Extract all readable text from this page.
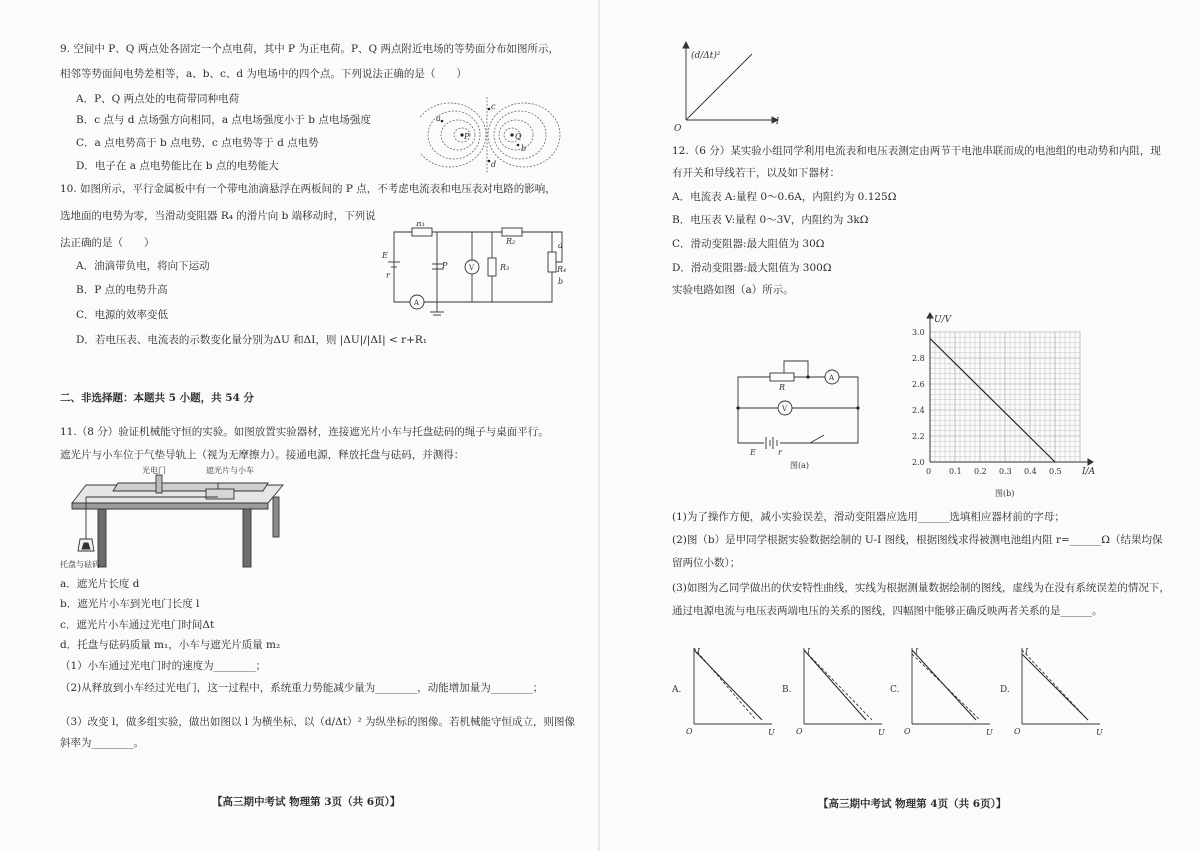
9. 空间中 P、Q 两点处各固定一个点电荷，其中 P 为正电荷。P、Q 两点附近电场的等势面分布如图所示，
相邻等势面间电势差相等，a、b、c、d 为电场中的四个点。下列说法正确的是（　　）
A．P、Q 两点处的电荷带同种电荷
B．c 点与 d 点场强方向相同，a 点电场强度小于 b 点电场强度
C．a 点电势高于 b 点电势，c 点电势等于 d 点电势
D．电子在 a 点电势能比在 b 点的电势能大
P	Q
a
b
c
d
10. 如图所示，平行金属板中有一个带电油滴悬浮在两板间的 P 点，不考虑电流表和电压表对电路的影响，
选地面的电势为零，当滑动变阻器 R₄ 的滑片向 b 端移动时，下列说
法正确的是（　　）
A．油滴带负电，将向下运动
B．P 点的电势升高
C．电源的效率变低
D．若电压表、电流表的示数变化量分别为ΔU 和ΔI，则 |ΔU|/|ΔI| < r+R₁
R₁
R₂
R₃	R₄
E
r
P	V
A
a
b
二、非选择题：本题共 5 小题，共 54 分
11.（8 分）验证机械能守恒的实验。如图放置实验器材，连接遮光片小车与托盘砝码的绳子与桌面平行。
遮光片与小车位于气垫导轨上（视为无摩擦力）。接通电源，释放托盘与砝码，并测得：
光电门	遮光片与小车
托盘与砝码
a．遮光片长度 d
b．遮光片小车到光电门长度 l
c．遮光片小车通过光电门时间Δt
d．托盘与砝码质量 m₁，小车与遮光片质量 m₂
（1）小车通过光电门时的速度为________；
（2)从释放到小车经过光电门，这一过程中，系统重力势能减少量为________，动能增加量为________；
（3）改变 l，做多组实验，做出如图以 l 为横坐标，以（d/Δt）² 为纵坐标的图像。若机械能守恒成立，则图像
斜率为________。
【高三期中考试 物理第 3页（共 6页）】
(d/Δt)²
l
O
12.（6 分）某实验小组同学利用电流表和电压表测定由两节干电池串联而成的电池组的电动势和内阻，现
有开关和导线若干，以及如下器材：
A．电流表 A:量程 0～0.6A，内阻约为 0.125Ω
B．电压表 V:量程 0～3V，内阻约为 3kΩ
C．滑动变阻器:最大阻值为 30Ω
D．滑动变阻器:最大阻值为 300Ω
实验电路如图（a）所示。
R
A
V
E	r
图(a)	2.0
2.2
2.4
2.6
2.8
3.0
0 0.1 0.2 0.3 0.4 0.5
U/V
I/A
图(b)
(1)为了操作方便，减小实验误差，滑动变阻器应选用______选填相应器材前的字母；
(2)图（b）是甲同学根据实验数据绘制的 U-I 图线，根据图线求得被测电池组内阻 r=______Ω（结果均保
留两位小数）；
(3)如图为乙同学做出的伏安特性曲线，实线为根据测量数据绘制的图线，虚线为在没有系统误差的情况下，
通过电源电流与电压表两端电压的关系的图线，四幅图中能够正确反映两者关系的是______。
A.
I
U
O
B.
I
U
O
C.
I
U
O
D.
I
U
O
【高三期中考试 物理第 4页（共 6页）】
